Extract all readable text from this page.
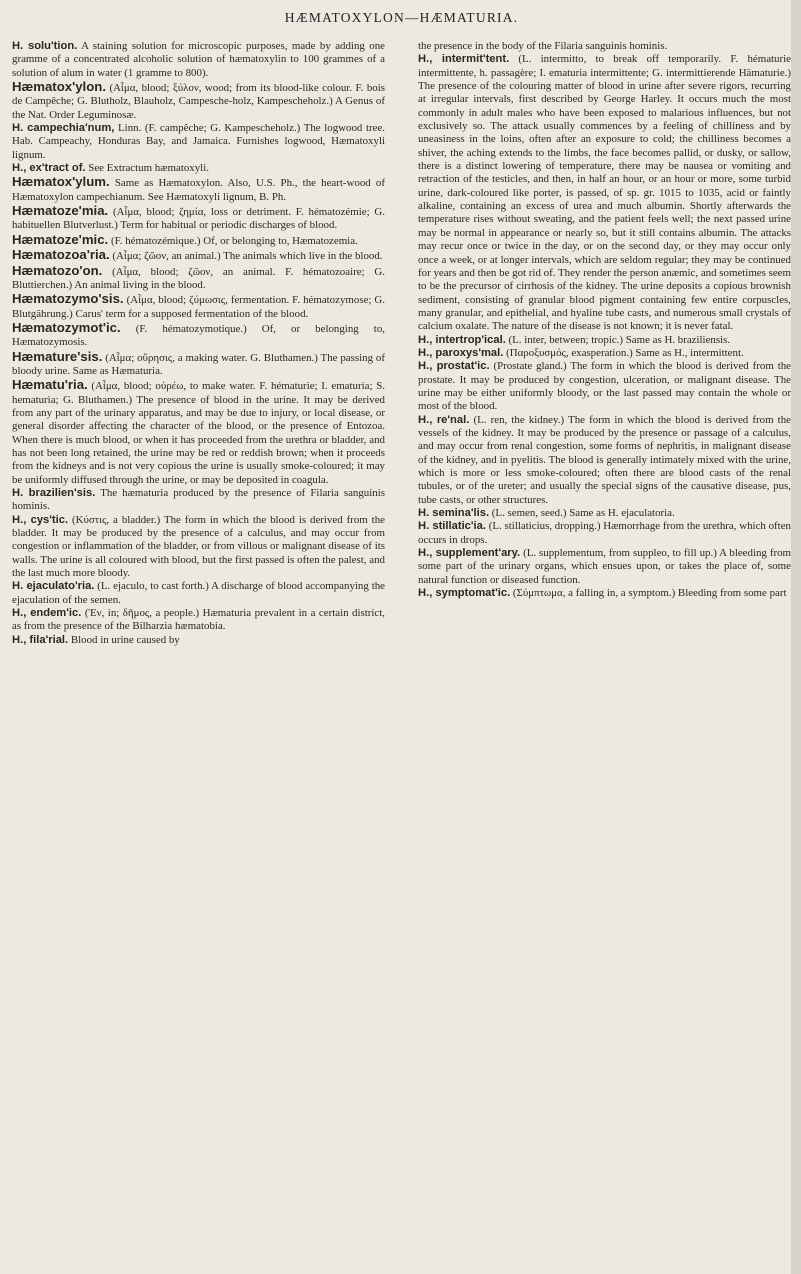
HÆMATOXYLON—HÆMATURIA.

H. solu'tion. A staining solution for microscopic purposes, made by adding one gramme of a concentrated alcoholic solution of hæmatoxylin to 100 grammes of a solution of alum in water (1 gramme to 800).

Hæmatox'ylon. (Αἷμα, blood; ξύλον, wood; from its blood-like colour. F. bois de Campêche; G. Blutholz, Blauholz, Campesche-holz, Kampescheholz.) A Genus of the Nat. Order Leguminosæ.

H. campechia'num, Linn. (F. campêche; G. Kampescheholz.) The logwood tree. Hab. Campeachy, Honduras Bay, and Jamaica. Furnishes logwood, Hæmatoxyli lignum.

H., ex'tract of. See Extractum hæmatoxyli.

Hæmatox'ylum. Same as Hæmatoxylon. Also, U.S. Ph., the heart-wood of Hæmatoxylon campechianum. See Hæmatoxyli lignum, B. Ph.

Hæmatoze'mia. (Αἷμα, blood; ζημία, loss or detriment. F. hématozémie; G. habituellen Blutverlust.) Term for habitual or periodic discharges of blood.

Hæmatoze'mic. (F. hématozémique.) Of, or belonging to, Hæmatozemia.

Hæmatozoa'ria. (Αἷμα; ζῶον, an animal.) The animals which live in the blood.

Hæmatozo'on. (Αἷμα, blood; ζῶον, an animal. F. hématozoaire; G. Bluttierchen.) An animal living in the blood.

Hæmatozymo'sis. (Αἷμα, blood; ζύμωσις, fermentation. F. hématozymose; G. Blutgährung.) Carus' term for a supposed fermentation of the blood.

Hæmatozymot'ic. (F. hématozymotique.) Of, or belonging to, Hæmatozymosis.

Hæmature'sis. (Αἷμα; οὔρησις, a making water. G. Bluthamen.) The passing of bloody urine. Same as Hæmaturia.

Hæmatu'ria. (Αἷμα, blood; οὐρέω, to make water. F. hématurie; I. ematuria; S. hematuria; G. Bluthamen.) The presence of blood in the urine. It may be derived from any part of the urinary apparatus, and may be due to injury, or local disease, or general disorder affecting the character of the blood, or the presence of Entozoa. When there is much blood, or when it has proceeded from the urethra or bladder, and has not been long retained, the urine may be red or reddish brown; when it proceeds from the kidneys and is not very copious the urine is usually smoke-coloured; it may be uniformly diffused through the urine, or may be deposited in coagula.

H. brazilien'sis. The hæmaturia produced by the presence of Filaria sanguinis hominis.

H., cys'tic. (Κύστις, a bladder.) The form in which the blood is derived from the bladder. It may be produced by the presence of a calculus, and may occur from congestion or inflammation of the bladder, or from villous or malignant disease of its walls. The urine is all coloured with blood, but the first passed is often the palest, and the last much more bloody.

H. ejaculato'ria. (L. ejaculo, to cast forth.) A discharge of blood accompanying the ejaculation of the semen.

H., endem'ic. (Ἐν, in; δῆμος, a people.) Hæmaturia prevalent in a certain district, as from the presence of the Bilharzia hæmatobia.

H., fila'rial. Blood in urine caused by

the presence in the body of the Filaria sanguinis hominis.

H., intermit'tent. (L. intermitto, to break off temporarily. F. hématurie intermittente, h. passagère; I. ematuria intermittente; G. intermittierende Hämaturie.) The presence of the colouring matter of blood in urine after severe rigors, recurring at irregular intervals, first described by George Harley. It occurs much the most commonly in adult males who have been exposed to malarious influences, but not exclusively so. The attack usually commences by a feeling of chilliness and by uneasiness in the loins, often after an exposure to cold; the chilliness becomes a shiver, the aching extends to the limbs, the face becomes pallid, or dusky, or sallow, there is a distinct lowering of temperature, there may be nausea or vomiting and retraction of the testicles, and then, in half an hour, or an hour or more, some turbid urine, dark-coloured like porter, is passed, of sp. gr. 1015 to 1035, acid or faintly alkaline, containing an excess of urea and much albumin. Shortly afterwards the temperature rises without sweating, and the patient feels well; the next passed urine may be normal in appearance or nearly so, but it still contains albumin. The attacks may recur once or twice in the day, or on the second day, or they may occur only once a week, or at longer intervals, which are seldom regular; they may be continued for years and then be got rid of. They render the person anæmic, and sometimes seem to be the precursor of cirrhosis of the kidney. The urine deposits a copious brownish sediment, consisting of granular blood pigment containing few entire corpuscles, many granular, and epithelial, and hyaline tube casts, and numerous small crystals of calcium oxalate. The nature of the disease is not known; it is never fatal.

H., intertrop'ical. (L. inter, between; tropic.) Same as H. braziliensis.

H., paroxys'mal. (Παροξυσμός, exasperation.) Same as H., intermittent.

H., prostat'ic. (Prostate gland.) The form in which the blood is derived from the prostate. It may be produced by congestion, ulceration, or malignant disease. The urine may be either uniformly bloody, or the last passed may contain the whole or most of the blood.

H., re'nal. (L. ren, the kidney.) The form in which the blood is derived from the vessels of the kidney. It may be produced by the presence or passage of a calculus, and may occur from renal congestion, some forms of nephritis, in malignant disease of the kidney, and in pyelitis. The blood is generally intimately mixed with the urine, which is more or less smoke-coloured; often there are blood casts of the renal tubules, or of the ureter; and usually the special signs of the causative disease, pus, tube casts, or other structures.

H. semina'lis. (L. semen, seed.) Same as H. ejaculatoria.

H. stillatic'ia. (L. stillaticius, dropping.) Hæmorrhage from the urethra, which often occurs in drops.

H., supplement'ary. (L. supplementum, from suppleo, to fill up.) A bleeding from some part of the urinary organs, which ensues upon, or takes the place of, some natural function or diseased function.

H., symptomat'ic. (Σύμπτωμα, a falling in, a symptom.) Bleeding from some part
